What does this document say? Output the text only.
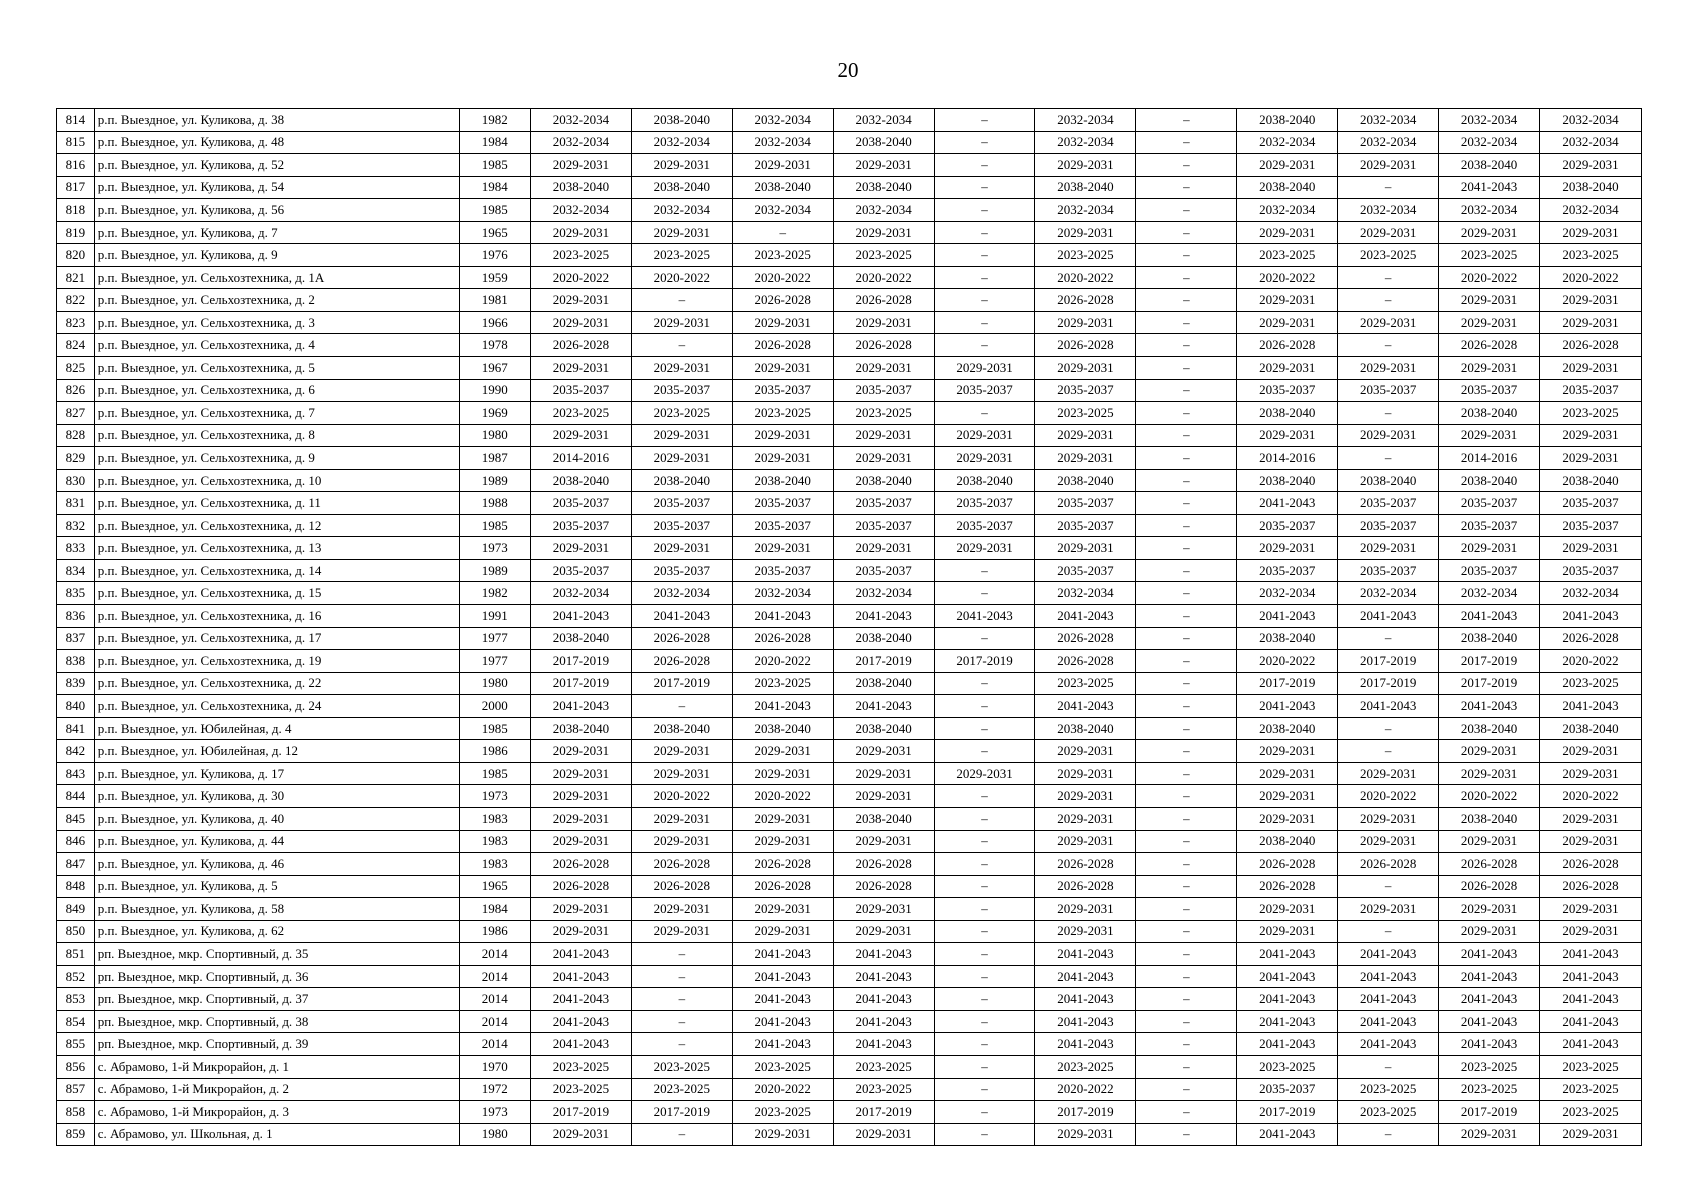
20
814	р.п. Выездное, ул. Куликова, д. 38	1982	2032-2034	2038-2040	2032-2034	2032-2034	–	2032-2034	–	2038-2040	2032-2034	2032-2034	2032-2034
815	р.п. Выездное, ул. Куликова, д. 48	1984	2032-2034	2032-2034	2032-2034	2038-2040	–	2032-2034	–	2032-2034	2032-2034	2032-2034	2032-2034
816	р.п. Выездное, ул. Куликова, д. 52	1985	2029-2031	2029-2031	2029-2031	2029-2031	–	2029-2031	–	2029-2031	2029-2031	2038-2040	2029-2031
817	р.п. Выездное, ул. Куликова, д. 54	1984	2038-2040	2038-2040	2038-2040	2038-2040	–	2038-2040	–	2038-2040	–	2041-2043	2038-2040
818	р.п. Выездное, ул. Куликова, д. 56	1985	2032-2034	2032-2034	2032-2034	2032-2034	–	2032-2034	–	2032-2034	2032-2034	2032-2034	2032-2034
819	р.п. Выездное, ул. Куликова, д. 7	1965	2029-2031	2029-2031	–	2029-2031	–	2029-2031	–	2029-2031	2029-2031	2029-2031	2029-2031
820	р.п. Выездное, ул. Куликова, д. 9	1976	2023-2025	2023-2025	2023-2025	2023-2025	–	2023-2025	–	2023-2025	2023-2025	2023-2025	2023-2025
821	р.п. Выездное, ул. Сельхозтехника, д. 1А	1959	2020-2022	2020-2022	2020-2022	2020-2022	–	2020-2022	–	2020-2022	–	2020-2022	2020-2022
822	р.п. Выездное, ул. Сельхозтехника, д. 2	1981	2029-2031	–	2026-2028	2026-2028	–	2026-2028	–	2029-2031	–	2029-2031	2029-2031
823	р.п. Выездное, ул. Сельхозтехника, д. 3	1966	2029-2031	2029-2031	2029-2031	2029-2031	–	2029-2031	–	2029-2031	2029-2031	2029-2031	2029-2031
824	р.п. Выездное, ул. Сельхозтехника, д. 4	1978	2026-2028	–	2026-2028	2026-2028	–	2026-2028	–	2026-2028	–	2026-2028	2026-2028
825	р.п. Выездное, ул. Сельхозтехника, д. 5	1967	2029-2031	2029-2031	2029-2031	2029-2031	2029-2031	2029-2031	–	2029-2031	2029-2031	2029-2031	2029-2031
826	р.п. Выездное, ул. Сельхозтехника, д. 6	1990	2035-2037	2035-2037	2035-2037	2035-2037	2035-2037	2035-2037	–	2035-2037	2035-2037	2035-2037	2035-2037
827	р.п. Выездное, ул. Сельхозтехника, д. 7	1969	2023-2025	2023-2025	2023-2025	2023-2025	–	2023-2025	–	2038-2040	–	2038-2040	2023-2025
828	р.п. Выездное, ул. Сельхозтехника, д. 8	1980	2029-2031	2029-2031	2029-2031	2029-2031	2029-2031	2029-2031	–	2029-2031	2029-2031	2029-2031	2029-2031
829	р.п. Выездное, ул. Сельхозтехника, д. 9	1987	2014-2016	2029-2031	2029-2031	2029-2031	2029-2031	2029-2031	–	2014-2016	–	2014-2016	2029-2031
830	р.п. Выездное, ул. Сельхозтехника, д. 10	1989	2038-2040	2038-2040	2038-2040	2038-2040	2038-2040	2038-2040	–	2038-2040	2038-2040	2038-2040	2038-2040
831	р.п. Выездное, ул. Сельхозтехника, д. 11	1988	2035-2037	2035-2037	2035-2037	2035-2037	2035-2037	2035-2037	–	2041-2043	2035-2037	2035-2037	2035-2037
832	р.п. Выездное, ул. Сельхозтехника, д. 12	1985	2035-2037	2035-2037	2035-2037	2035-2037	2035-2037	2035-2037	–	2035-2037	2035-2037	2035-2037	2035-2037
833	р.п. Выездное, ул. Сельхозтехника, д. 13	1973	2029-2031	2029-2031	2029-2031	2029-2031	2029-2031	2029-2031	–	2029-2031	2029-2031	2029-2031	2029-2031
834	р.п. Выездное, ул. Сельхозтехника, д. 14	1989	2035-2037	2035-2037	2035-2037	2035-2037	–	2035-2037	–	2035-2037	2035-2037	2035-2037	2035-2037
835	р.п. Выездное, ул. Сельхозтехника, д. 15	1982	2032-2034	2032-2034	2032-2034	2032-2034	–	2032-2034	–	2032-2034	2032-2034	2032-2034	2032-2034
836	р.п. Выездное, ул. Сельхозтехника, д. 16	1991	2041-2043	2041-2043	2041-2043	2041-2043	2041-2043	2041-2043	–	2041-2043	2041-2043	2041-2043	2041-2043
837	р.п. Выездное, ул. Сельхозтехника, д. 17	1977	2038-2040	2026-2028	2026-2028	2038-2040	–	2026-2028	–	2038-2040	–	2038-2040	2026-2028
838	р.п. Выездное, ул. Сельхозтехника, д. 19	1977	2017-2019	2026-2028	2020-2022	2017-2019	2017-2019	2026-2028	–	2020-2022	2017-2019	2017-2019	2020-2022
839	р.п. Выездное, ул. Сельхозтехника, д. 22	1980	2017-2019	2017-2019	2023-2025	2038-2040	–	2023-2025	–	2017-2019	2017-2019	2017-2019	2023-2025
840	р.п. Выездное, ул. Сельхозтехника, д. 24	2000	2041-2043	–	2041-2043	2041-2043	–	2041-2043	–	2041-2043	2041-2043	2041-2043	2041-2043
841	р.п. Выездное, ул. Юбилейная, д. 4	1985	2038-2040	2038-2040	2038-2040	2038-2040	–	2038-2040	–	2038-2040	–	2038-2040	2038-2040
842	р.п. Выездное, ул. Юбилейная, д. 12	1986	2029-2031	2029-2031	2029-2031	2029-2031	–	2029-2031	–	2029-2031	–	2029-2031	2029-2031
843	р.п. Выездное, ул. Куликова, д. 17	1985	2029-2031	2029-2031	2029-2031	2029-2031	2029-2031	2029-2031	–	2029-2031	2029-2031	2029-2031	2029-2031
844	р.п. Выездное, ул. Куликова, д. 30	1973	2029-2031	2020-2022	2020-2022	2029-2031	–	2029-2031	–	2029-2031	2020-2022	2020-2022	2020-2022
845	р.п. Выездное, ул. Куликова, д. 40	1983	2029-2031	2029-2031	2029-2031	2038-2040	–	2029-2031	–	2029-2031	2029-2031	2038-2040	2029-2031
846	р.п. Выездное, ул. Куликова, д. 44	1983	2029-2031	2029-2031	2029-2031	2029-2031	–	2029-2031	–	2038-2040	2029-2031	2029-2031	2029-2031
847	р.п. Выездное, ул. Куликова, д. 46	1983	2026-2028	2026-2028	2026-2028	2026-2028	–	2026-2028	–	2026-2028	2026-2028	2026-2028	2026-2028
848	р.п. Выездное, ул. Куликова, д. 5	1965	2026-2028	2026-2028	2026-2028	2026-2028	–	2026-2028	–	2026-2028	–	2026-2028	2026-2028
849	р.п. Выездное, ул. Куликова, д. 58	1984	2029-2031	2029-2031	2029-2031	2029-2031	–	2029-2031	–	2029-2031	2029-2031	2029-2031	2029-2031
850	р.п. Выездное, ул. Куликова, д. 62	1986	2029-2031	2029-2031	2029-2031	2029-2031	–	2029-2031	–	2029-2031	–	2029-2031	2029-2031
851	рп. Выездное, мкр. Спортивный, д. 35	2014	2041-2043	–	2041-2043	2041-2043	–	2041-2043	–	2041-2043	2041-2043	2041-2043	2041-2043
852	рп. Выездное, мкр. Спортивный, д. 36	2014	2041-2043	–	2041-2043	2041-2043	–	2041-2043	–	2041-2043	2041-2043	2041-2043	2041-2043
853	рп. Выездное, мкр. Спортивный, д. 37	2014	2041-2043	–	2041-2043	2041-2043	–	2041-2043	–	2041-2043	2041-2043	2041-2043	2041-2043
854	рп. Выездное, мкр. Спортивный, д. 38	2014	2041-2043	–	2041-2043	2041-2043	–	2041-2043	–	2041-2043	2041-2043	2041-2043	2041-2043
855	рп. Выездное, мкр. Спортивный, д. 39	2014	2041-2043	–	2041-2043	2041-2043	–	2041-2043	–	2041-2043	2041-2043	2041-2043	2041-2043
856	с. Абрамово, 1-й Микрорайон, д. 1	1970	2023-2025	2023-2025	2023-2025	2023-2025	–	2023-2025	–	2023-2025	–	2023-2025	2023-2025
857	с. Абрамово, 1-й Микрорайон, д. 2	1972	2023-2025	2023-2025	2020-2022	2023-2025	–	2020-2022	–	2035-2037	2023-2025	2023-2025	2023-2025
858	с. Абрамово, 1-й Микрорайон, д. 3	1973	2017-2019	2017-2019	2023-2025	2017-2019	–	2017-2019	–	2017-2019	2023-2025	2017-2019	2023-2025
859	с. Абрамово, ул. Школьная, д. 1	1980	2029-2031	–	2029-2031	2029-2031	–	2029-2031	–	2041-2043	–	2029-2031	2029-2031
